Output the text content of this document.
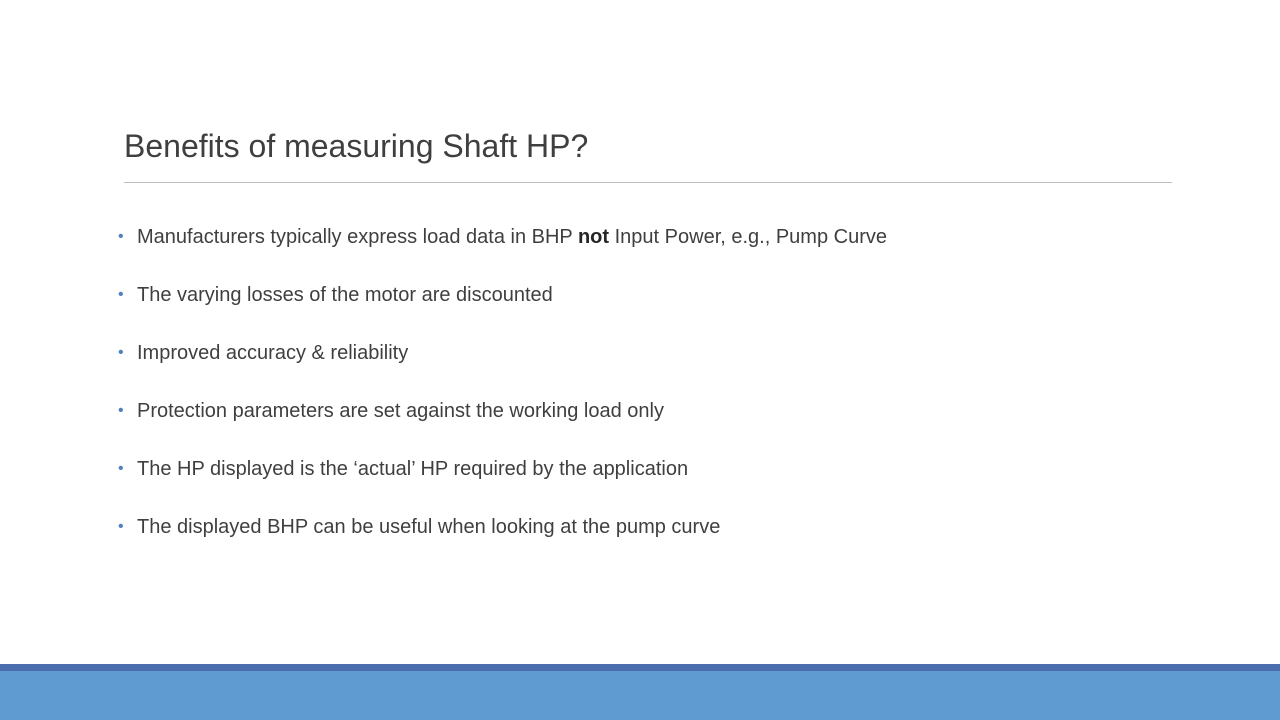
Benefits of measuring Shaft HP?
• Manufacturers typically express load data in BHP not Input Power, e.g., Pump Curve
• The varying losses of the motor are discounted
• Improved accuracy & reliability
• Protection parameters are set against the working load only
• The HP displayed is the ‘actual’ HP required by the application
• The displayed BHP can be useful when looking at the pump curve
